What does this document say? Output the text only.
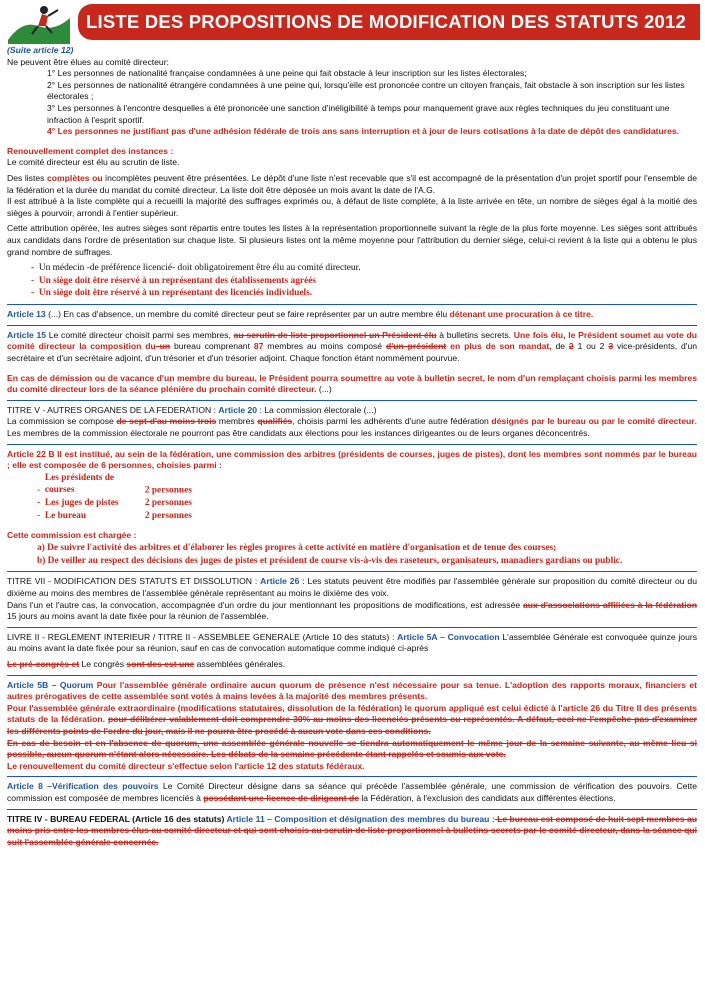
LISTE DES PROPOSITIONS DE MODIFICATION DES STATUTS 2012

(Suite article 12)

Ne peuvent être élues au comité directeur:

1° Les personnes de nationalité française condamnées à une peine qui fait obstacle à leur inscription sur les listes électorales;

2° Les personnes de nationalité étrangère condamnées à une peine qui, lorsqu'elle est prononcée contre un citoyen français, fait obstacle à son inscription sur les listes électorales ;

3° Les personnes à l'encontre desquelles a été prononcée une sanction d'inéligibilité à temps pour manquement grave aux règles techniques du jeu constituant une infraction à l'esprit sportif.

4° Les personnes ne justifiant pas d'une adhésion fédérale de trois ans sans interruption et à jour de leurs cotisations à la date de dépôt des candidatures.

Renouvellement complet des instances :

Le comité directeur est élu au scrutin de liste.

Des listes complètes ou incomplètes peuvent être présentées. Le dépôt d'une liste n'est recevable que s'il est accompagné de la présentation d'un projet sportif pour l'ensemble de la fédération et la durée du mandat du comité directeur. La liste doit être déposée un mois avant la date de l'A.G.

Il est attribué à la liste complète qui a recueilli la majorité des suffrages exprimés ou, à défaut de liste complète, à la liste arrivée en tête, un nombre de sièges égal à la moitié des sièges à pourvoir, arrondi à l'entier supérieur.

Cette attribution opérée, les autres sièges sont répartis entre toutes les listes à la représentation proportionnelle suivant la règle de la plus forte moyenne. Les sièges sont attribués aux candidats dans l'ordre de présentation sur chaque liste. Si plusieurs listes ont la même moyenne pour l'attribution du dernier siège, celui-ci revient à la liste qui a obtenu le plus grand nombre de suffrages.

-  Un médecin -de préférence licencié- doit obligatoirement être élu au comité directeur.

-  Un siège doit être réservé à un représentant des établissements agréés

-  Un siège doit être réservé à un représentant des licenciés individuels.

Article 13 (...) En cas d'absence, un membre du comité directeur peut se faire représenter par un autre membre élu détenant une procuration à ce titre.

Article 15 Le comité directeur choisit parmi ses membres, au scrutin de liste proportionnel un Président élu à bulletins secrets. Une fois élu, le Président soumet au vote du comité directeur la composition du un bureau comprenant 87 membres au moins composé d'un président en plus de son mandat, de 2 1 ou 2 3 vice-présidents, d'un secrétaire et d'un secrétaire adjoint, d'un trésorier et d'un trésorier adjoint. Chaque fonction étant nommément pourvue.

En cas de démission ou de vacance d'un membre du bureau, le Président pourra soumettre au vote à bulletin secret, le nom d'un remplaçant choisis parmi les membres du comité directeur lors de la séance plénière du prochain comité directeur. (...)

TITRE V - AUTRES ORGANES DE LA FEDERATION : Article 20 : La commission électorale (...)

La commission se compose de sept-d'au moins trois membres qualifiés, choisis parmi les adhérents d'une autre fédération désignés par le bureau ou par le comité directeur. Les membres de la commission électorale ne pourront pas être candidats aux élections pour les instances dirigeantes ou de leurs organes déconcentrés.

Article 22 B Il est institué, au sein de la fédération, une commission des arbitres (présidents de courses, juges de pistes), dont les membres sont nommés par le bureau ; elle est composée de 6 personnes, choisies parmi :

-  Les présidents de courses	2 personnes

-  Les juges de pistes	2 personnes

-  Le bureau	2 personnes

Cette commission est chargée :

a) De suivre l'activité des arbitres et d'élaborer les règles propres à cette activité en matière d'organisation et de tenue des courses;

b) De veiller au respect des décisions des juges de pistes et président de course vis-à-vis des raseteurs, organisateurs, manadiers gardians ou public.

TITRE VII - MODIFICATION DES STATUTS ET DISSOLUTION : Article 26 : Les statuts peuvent être modifiés par l'assemblée générale sur proposition du comité directeur ou du dixième au moins des membres de l'assemblée générale représentant au moins le dixième des voix.

Dans l'un et l'autre cas, la convocation, accompagnée d'un ordre du jour mentionnant les propositions de modifications, est adressée aux d'associations affiliées à la fédération 15 jours au moins avant la date fixée pour la réunion de l'assemblée.

LIVRE II - REGLEMENT INTERIEUR / TITRE II - ASSEMBLEE GENERALE (Article 10 des statuts) : Article 5A – Convocation L'assemblée Générale est convoquée quinze jours au moins avant la date fixée pour sa réunion, sauf en cas de convocation automatique comme indiqué ci-après

Le pré-congrès et Le congrès sont des est une assemblées générales.

Article 5B – Quorum Pour l'assemblée générale ordinaire aucun quorum de présence n'est nécessaire pour sa tenue. L'adoption des rapports moraux, financiers et autres prérogatives de cette assemblée sont votés à mains levées à la majorité des membres présents.

Pour l'assemblée générale extraordinaire (modifications statutaires, dissolution de la fédération) le quorum appliqué est celui édicté à l'article 26 du Titre II des présents statuts de la fédération. pour délibérer valablement doit comprendre 30% au moins des licenciés présents ou représentés. A défaut, ceci ne l'empêche pas d'examiner les différents points de l'ordre du jour, mais il ne pourra être procédé à aucun vote dans ces conditions.

En cas de besoin et en l'absence de quorum, une assemblée générale nouvelle se tiendra automatiquement le même jour de la semaine suivante, au même lieu si possible, aucun quorum n'étant alors nécessaire. Les débats de la semaine précédente étant rappelés et soumis aux vote.

Le renouvellement du comité directeur s'effectue selon l'article 12 des statuts fédéraux.

Article 8 –Vérification des pouvoirs Le Comité Directeur désigne dans sa séance qui précède l'assemblée générale, une commission de vérification des pouvoirs. Cette commission est composée de membres licenciés à possédant une licence de dirigeant de la Fédération, à l'exclusion des candidats aux différentes élections.

TITRE IV - BUREAU FEDERAL (Article 16 des statuts) Article 11 – Composition et désignation des membres du bureau : Le bureau est composé de huit sept membres au moins pris entre les membres élus au comité directeur et qui sont choisis au scrutin de liste proportionnel à bulletins secrets par le comité directeur, dans la séance qui suit l'assemblée générale concernée.
